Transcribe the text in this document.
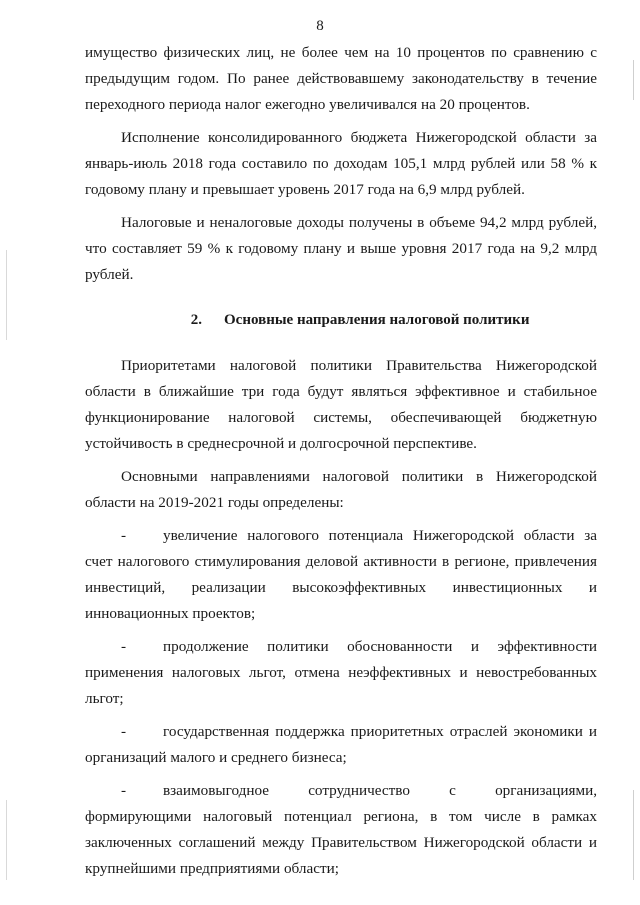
8

имущество физических лиц, не более чем на 10 процентов по сравнению с предыдущим годом. По ранее действовавшему законодательству в течение переходного периода налог ежегодно увеличивался на 20 процентов.

Исполнение консолидированного бюджета Нижегородской области за январь-июль 2018 года составило по доходам 105,1 млрд рублей или 58 % к годовому плану и превышает уровень 2017 года на 6,9 млрд рублей.

Налоговые и неналоговые доходы получены в объеме 94,2 млрд рублей, что составляет 59 % к годовому плану и выше уровня 2017 года на 9,2 млрд рублей.

2. Основные направления налоговой политики

Приоритетами налоговой политики Правительства Нижегородской области в ближайшие три года будут являться эффективное и стабильное функционирование налоговой системы, обеспечивающей бюджетную устойчивость в среднесрочной и долгосрочной перспективе.

Основными направлениями налоговой политики в Нижегородской области на 2019-2021 годы определены:

- увеличение налогового потенциала Нижегородской области за счет налогового стимулирования деловой активности в регионе, привлечения инвестиций, реализации высокоэффективных инвестиционных и инновационных проектов;

- продолжение политики обоснованности и эффективности применения налоговых льгот, отмена неэффективных и невостребованных льгот;

- государственная поддержка приоритетных отраслей экономики и организаций малого и среднего бизнеса;

- взаимовыгодное сотрудничество с организациями, формирующими налоговый потенциал региона, в том числе в рамках заключенных соглашений между Правительством Нижегородской области и крупнейшими предприятиями области;
